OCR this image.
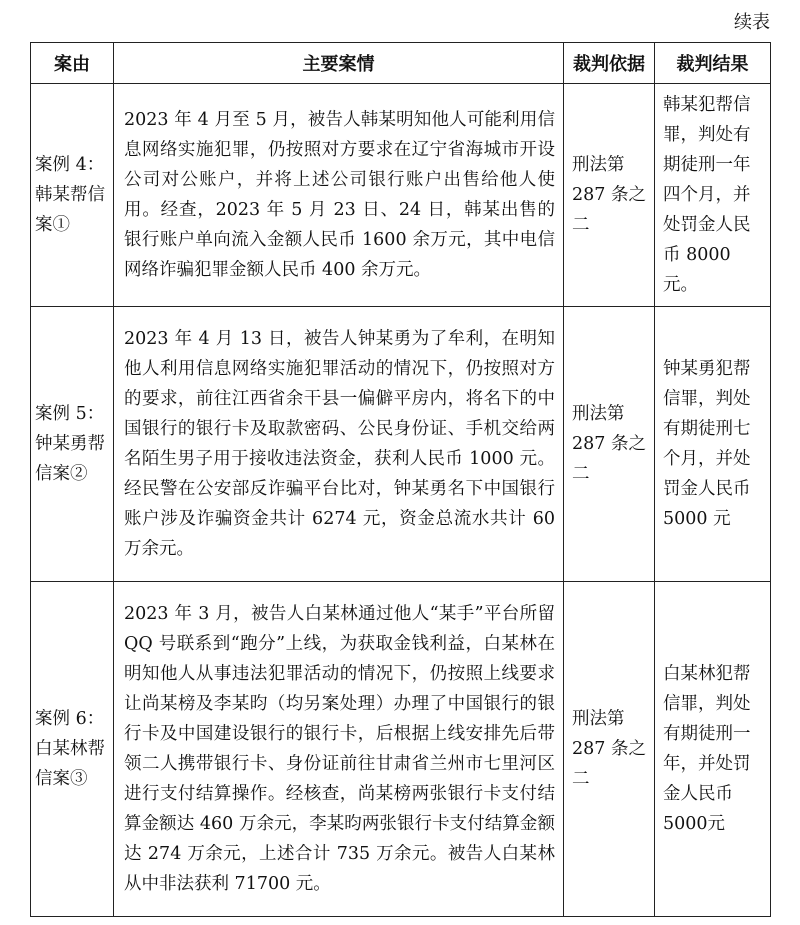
续表
案由	主要案情	裁判依据	裁判结果
案例 4：韩某帮信案①	2023 年 4 月至 5 月，被告人韩某明知他人可能利用信息网络实施犯罪，仍按照对方要求在辽宁省海城市开设公司对公账户，并将上述公司银行账户出售给他人使用。经查，2023 年 5 月 23 日、24 日，韩某出售的银行账户单向流入金额人民币 1600 余万元，其中电信网络诈骗犯罪金额人民币 400 余万元。	刑法第 287 条之二	韩某犯帮信罪，判处有期徒刑一年四个月，并处罚金人民币 8000 元。
案例 5：钟某勇帮信案②	2023 年 4 月 13 日，被告人钟某勇为了牟利，在明知他人利用信息网络实施犯罪活动的情况下，仍按照对方的要求，前往江西省余干县一偏僻平房内，将名下的中国银行的银行卡及取款密码、公民身份证、手机交给两名陌生男子用于接收违法资金，获利人民币 1000 元。经民警在公安部反诈骗平台比对，钟某勇名下中国银行账户涉及诈骗资金共计 6274 元，资金总流水共计 60 万余元。	刑法第 287 条之二	钟某勇犯帮信罪，判处有期徒刑七个月，并处罚金人民币 5000 元
案例 6：白某林帮信案③	2023 年 3 月，被告人白某林通过他人“某手”平台所留 QQ 号联系到“跑分”上线，为获取金钱利益，白某林在明知他人从事违法犯罪活动的情况下，仍按照上线要求让尚某榜及李某昀（均另案处理）办理了中国银行的银行卡及中国建设银行的银行卡，后根据上线安排先后带领二人携带银行卡、身份证前往甘肃省兰州市七里河区进行支付结算操作。经核查，尚某榜两张银行卡支付结算金额达 460 万余元，李某昀两张银行卡支付结算金额达 274 万余元，上述合计 735 万余元。被告人白某林从中非法获利 71700 元。	刑法第 287 条之二	白某林犯帮信罪，判处有期徒刑一年，并处罚金人民币 5000元
